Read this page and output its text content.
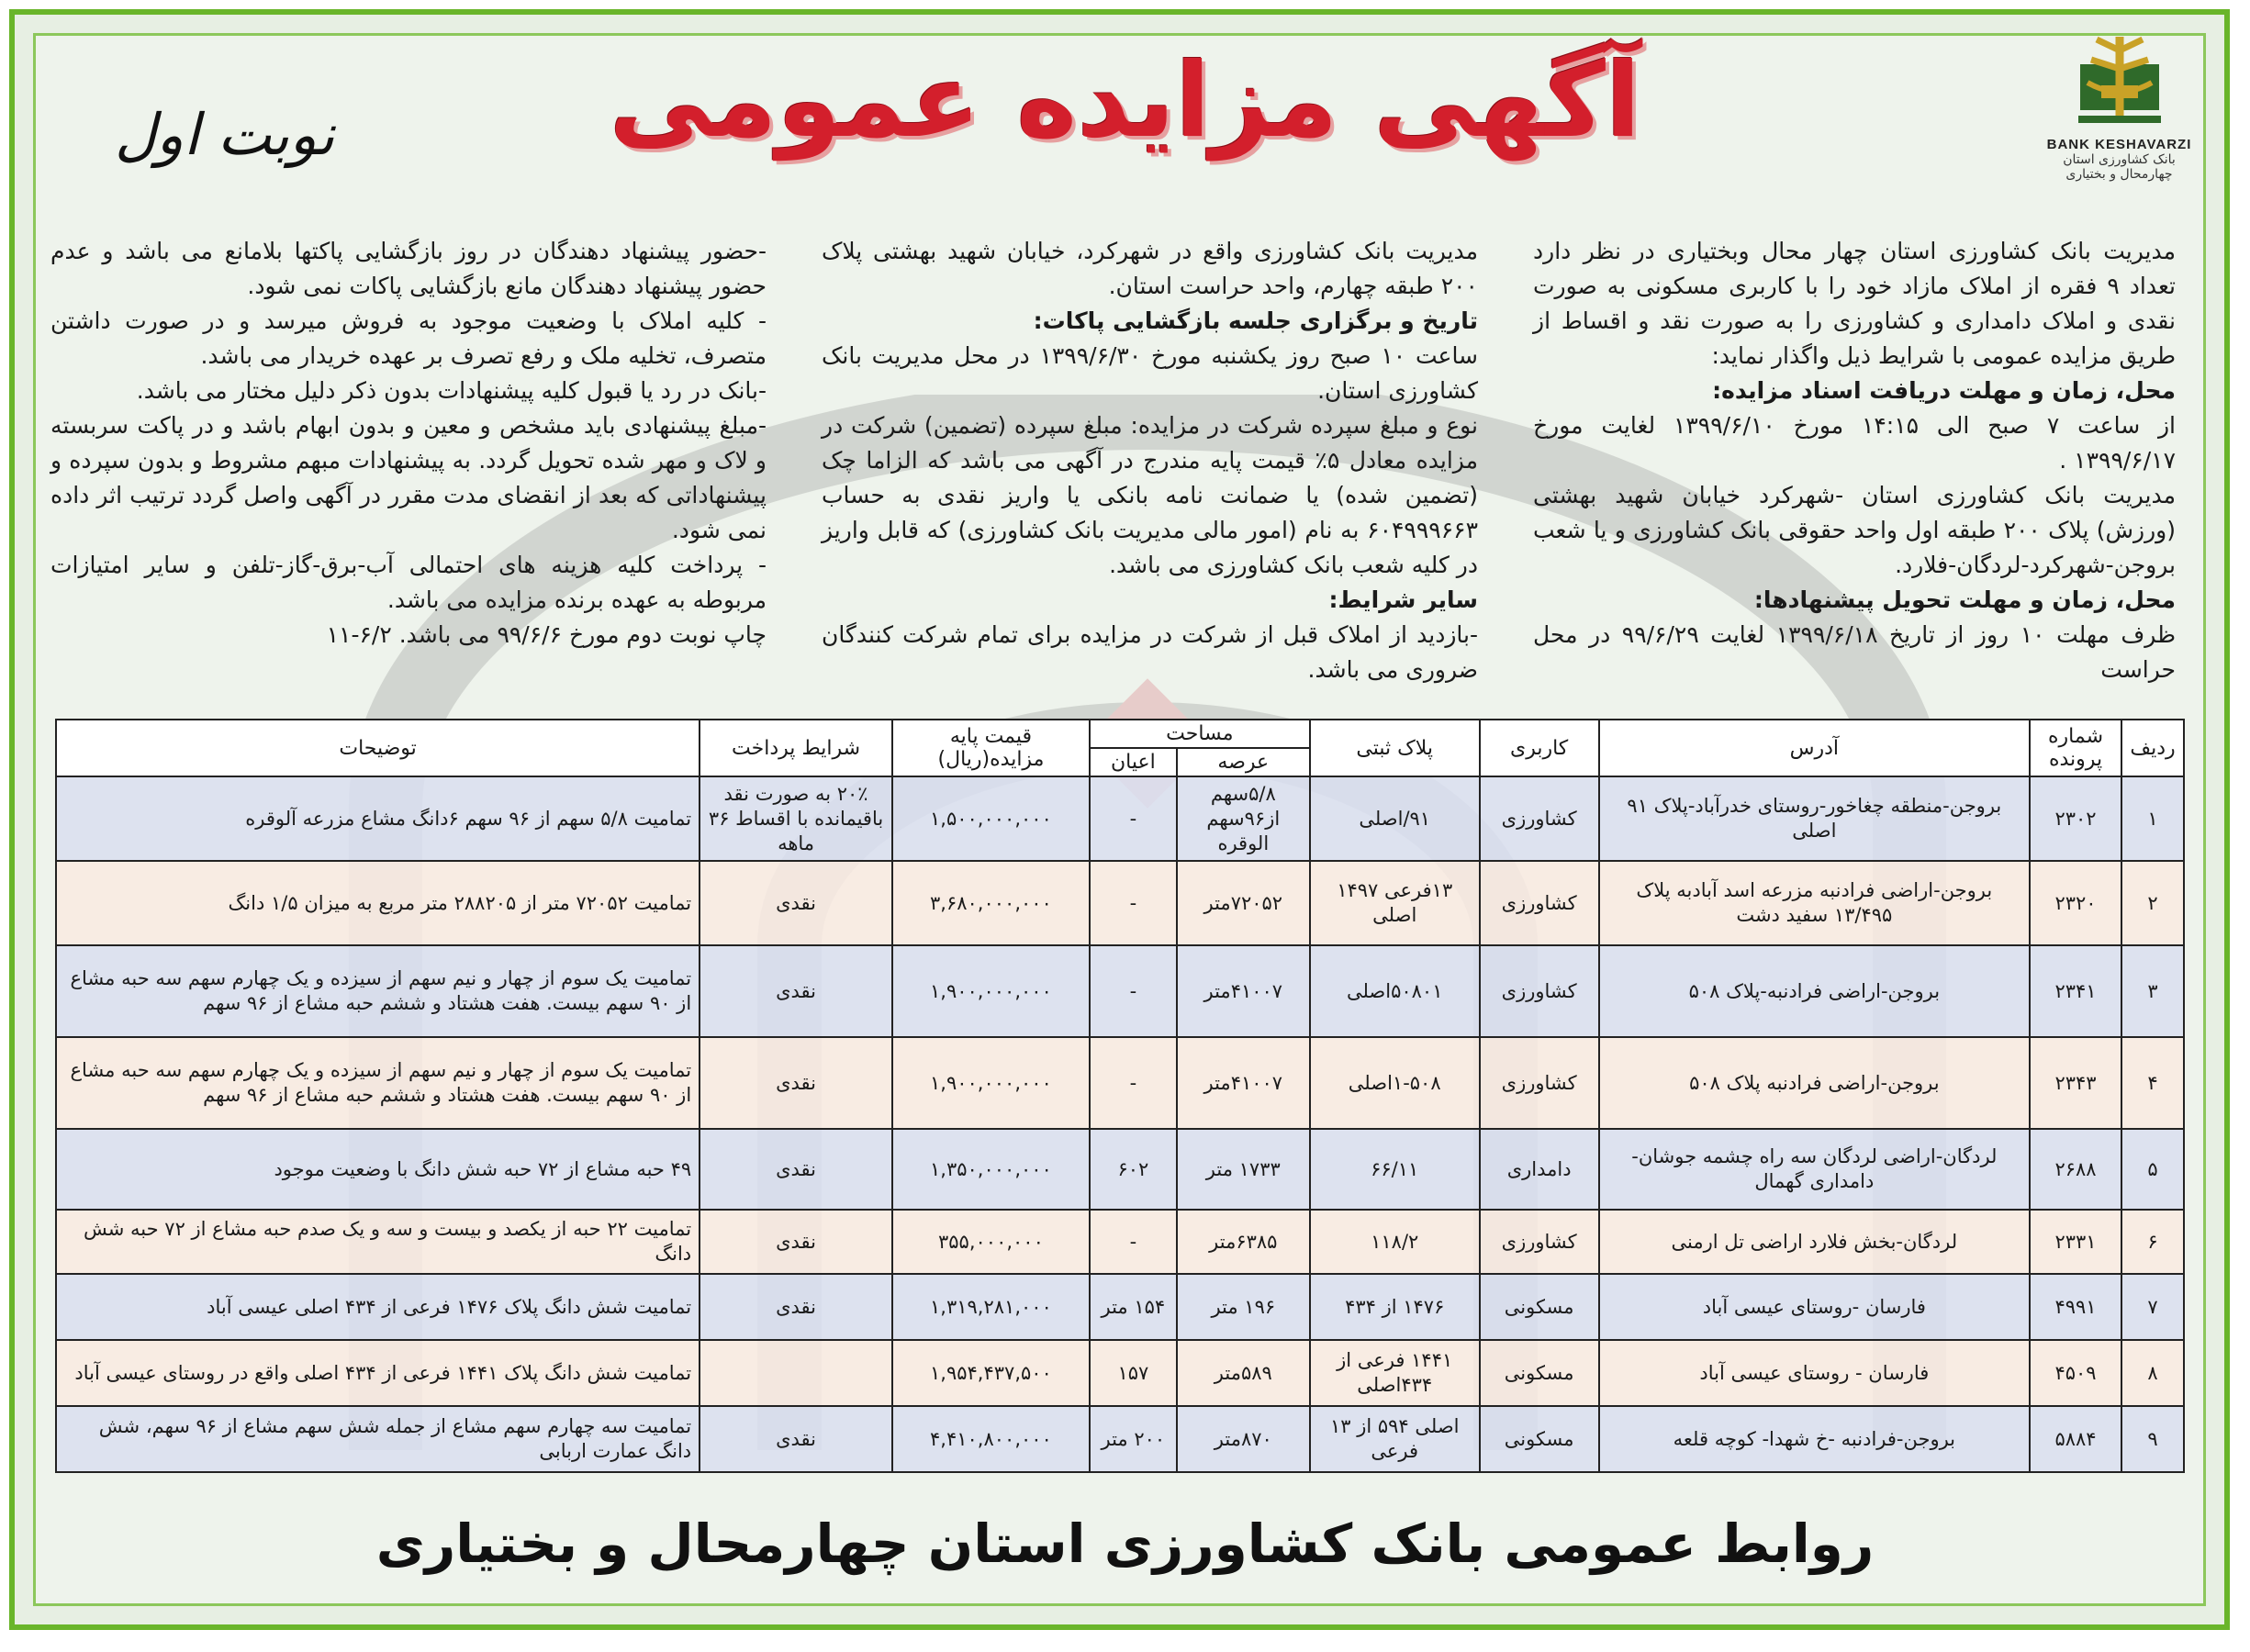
BANK KESHAVARZI
بانک کشاورزی استان چهارمحال و بختیاری
آگهی مزایده عمومی
نوبت اول

مدیریت بانک کشاورزی استان چهار محال وبختیاری در نظر دارد تعداد ۹ فقره از املاک مازاد خود را با کاربری مسکونی به صورت نقدی و املاک دامداری و کشاورزی را به صورت نقد و اقساط از طریق مزایده عمومی با شرایط ذیل واگذار نماید:

محل، زمان و مهلت دریافت اسناد مزایده:

از ساعت ۷ صبح الی ۱۴:۱۵ مورخ ۱۳۹۹/۶/۱۰ لغایت مورخ ۱۳۹۹/۶/۱۷ .

مدیریت بانک کشاورزی استان -شهرکرد خیابان شهید بهشتی (ورزش) پلاک ۲۰۰ طبقه اول واحد حقوقی بانک کشاورزی و یا شعب بروجن-شهرکرد-لردگان-فلارد.

محل، زمان و مهلت تحویل پیشنهادها:

ظرف مهلت ۱۰ روز از تاریخ ۱۳۹۹/۶/۱۸ لغایت ۹۹/۶/۲۹ در محل حراست

مدیریت بانک کشاورزی واقع در شهرکرد، خیابان شهید بهشتی پلاک ۲۰۰ طبقه چهارم، واحد حراست استان.

تاریخ و برگزاری جلسه بازگشایی پاکات:

ساعت ۱۰ صبح روز یکشنبه مورخ ۱۳۹۹/۶/۳۰ در محل مدیریت بانک کشاورزی استان.

نوع و مبلغ سپرده شرکت در مزایده: مبلغ سپرده (تضمین) شرکت در مزایده معادل ۵٪ قیمت پایه مندرج در آگهی می باشد که الزاما چک (تضمین شده) یا ضمانت نامه بانکی یا واریز نقدی به حساب ۶۰۴۹۹۹۶۶۳ به نام (امور مالی مدیریت بانک کشاورزی) که قابل واریز در کلیه شعب بانک کشاورزی می باشد.

سایر شرایط:

-بازدید از املاک قبل از شرکت در مزایده برای تمام شرکت کنندگان ضروری می باشد.

-حضور پیشنهاد دهندگان در روز بازگشایی پاکتها بلامانع می باشد و عدم حضور پیشنهاد دهندگان مانع بازگشایی پاکات نمی شود.

- کلیه املاک با وضعیت موجود به فروش میرسد و در صورت داشتن متصرف، تخلیه ملک و رفع تصرف بر عهده خریدار می باشد.

-بانک در رد یا قبول کلیه پیشنهادات بدون ذکر دلیل مختار می باشد.

-مبلغ پیشنهادی باید مشخص و معین و بدون ابهام باشد و در پاکت سربسته و لاک و مهر شده تحویل گردد. به پیشنهادات مبهم مشروط و بدون سپرده و پیشنهاداتی که بعد از انقضای مدت مقرر در آگهی واصل گردد ترتیب اثر داده نمی شود.

- پرداخت کلیه هزینه های احتمالی آب-برق-گاز-تلفن و سایر امتیازات مربوطه به عهده برنده مزایده می باشد.

چاپ نوبت دوم مورخ ۹۹/۶/۶ می باشد. ۶/۲-۱۱

ردیف	شماره پرونده	آدرس	کاربری	پلاک ثبتی	مساحت		قیمت پایه مزایده(ریال)	شرایط پرداخت	توضیحات
					عرصه	اعیان			
۱	۲۳۰۲	بروجن-منطقه چغاخور-روستای خدرآباد-پلاک ۹۱ اصلی	کشاورزی	۹۱/اصلی	۵/۸سهم از۹۶سهم الوقره	-	۱,۵۰۰,۰۰۰,۰۰۰	۲۰٪ به صورت نقد باقیمانده با اقساط ۳۶ ماهه	تمامیت ۵/۸ سهم از ۹۶ سهم ۶دانگ مشاع مزرعه آلوقره
۲	۲۳۲۰	بروجن-اراضی فرادنبه مزرعه اسد آبادبه پلاک ۱۳/۴۹۵ سفید دشت	کشاورزی	۱۳فرعی ۱۴۹۷ اصلی	۷۲۰۵۲متر	-	۳,۶۸۰,۰۰۰,۰۰۰	نقدی	تمامیت ۷۲۰۵۲ متر از ۲۸۸۲۰۵ متر مربع به میزان ۱/۵ دانگ
۳	۲۳۴۱	بروجن-اراضی فرادنبه-پلاک ۵۰۸	کشاورزی	۵۰۸۰۱اصلی	۴۱۰۰۷متر	-	۱,۹۰۰,۰۰۰,۰۰۰	نقدی	تمامیت یک سوم از چهار و نیم سهم از سیزده و یک چهارم سهم سه حبه مشاع از ۹۰ سهم بیست. هفت هشتاد و ششم حبه مشاع از ۹۶ سهم
۴	۲۳۴۳	بروجن-اراضی فرادنبه پلاک ۵۰۸	کشاورزی	۱-۵۰۸اصلی	۴۱۰۰۷متر	-	۱,۹۰۰,۰۰۰,۰۰۰	نقدی	تمامیت یک سوم از چهار و نیم سهم از سیزده و یک چهارم سهم سه حبه مشاع از ۹۰ سهم بیست. هفت هشتاد و ششم حبه مشاع از ۹۶ سهم
۵	۲۶۸۸	لردگان-اراضی لردگان سه راه چشمه جوشان- دامداری گهمال	دامداری	۶۶/۱۱	۱۷۳۳ متر	۶۰۲	۱,۳۵۰,۰۰۰,۰۰۰	نقدی	۴۹ حبه مشاع از ۷۲ حبه شش دانگ با وضعیت موجود
۶	۲۳۳۱	لردگان-بخش فلارد اراضی تل ارمنی	کشاورزی	۱۱۸/۲	۶۳۸۵متر	-	۳۵۵,۰۰۰,۰۰۰	نقدی	تمامیت ۲۲ حبه از یکصد و بیست و سه و یک صدم حبه مشاع از ۷۲ حبه شش دانگ
۷	۴۹۹۱	فارسان -روستای عیسی آباد	مسکونی	۱۴۷۶ از ۴۳۴	۱۹۶ متر	۱۵۴ متر	۱,۳۱۹,۲۸۱,۰۰۰	نقدی	تمامیت شش دانگ پلاک ۱۴۷۶ فرعی از ۴۳۴ اصلی عیسی آباد
۸	۴۵۰۹	فارسان - روستای عیسی آباد	مسکونی	۱۴۴۱ فرعی از ۴۳۴اصلی	۵۸۹متر	۱۵۷	۱,۹۵۴,۴۳۷,۵۰۰		تمامیت شش دانگ پلاک ۱۴۴۱ فرعی از ۴۳۴ اصلی واقع در روستای عیسی آباد
۹	۵۸۸۴	بروجن-فرادنبه -خ شهدا- کوچه قلعه	مسکونی	اصلی ۵۹۴ از ۱۳ فرعی	۸۷۰متر	۲۰۰ متر	۴,۴۱۰,۸۰۰,۰۰۰	نقدی	تمامیت سه چهارم سهم مشاع از جمله شش سهم مشاع از ۹۶ سهم، شش دانگ عمارت اربابی
روابط عمومی بانک کشاورزی استان چهارمحال و بختیاری
